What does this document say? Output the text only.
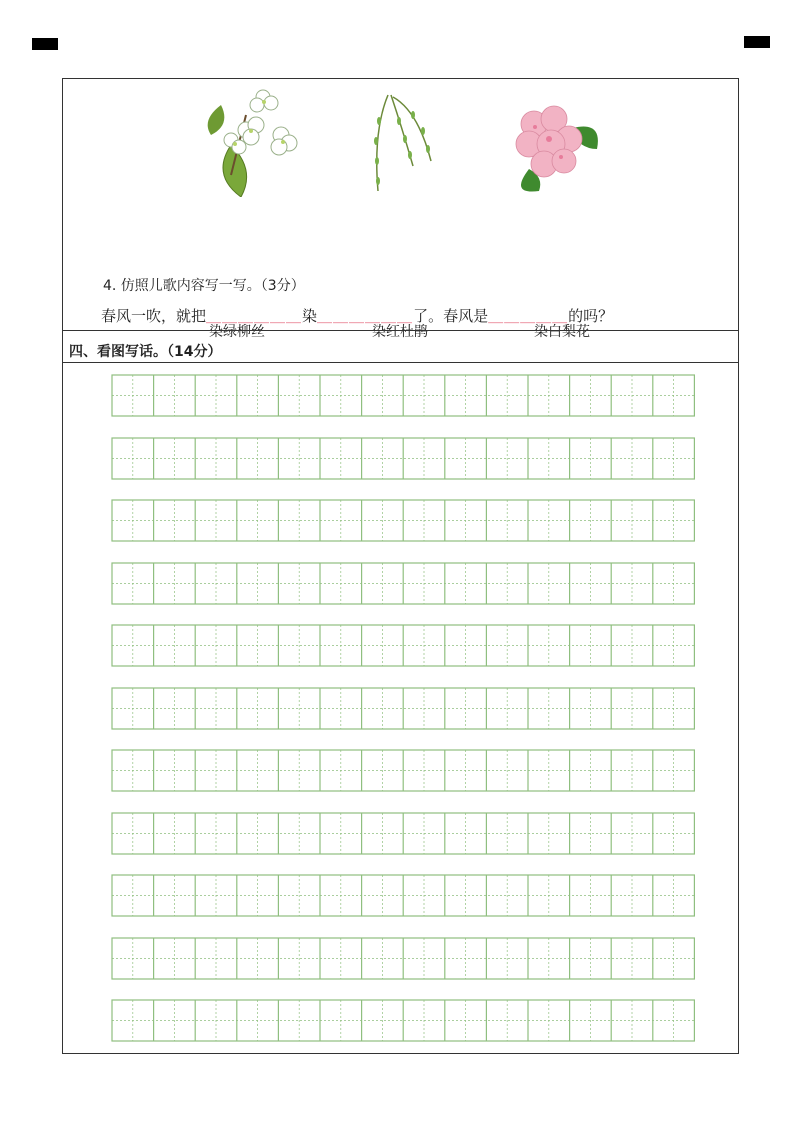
染绿柳丝	染红杜鹃	染白梨花
4. 仿照儿歌内容写一写。（3分）
春风一吹，就把＿＿＿＿＿＿染＿＿＿＿＿＿了。春风是＿＿＿＿＿的吗？
四、看图写话。（14分）
